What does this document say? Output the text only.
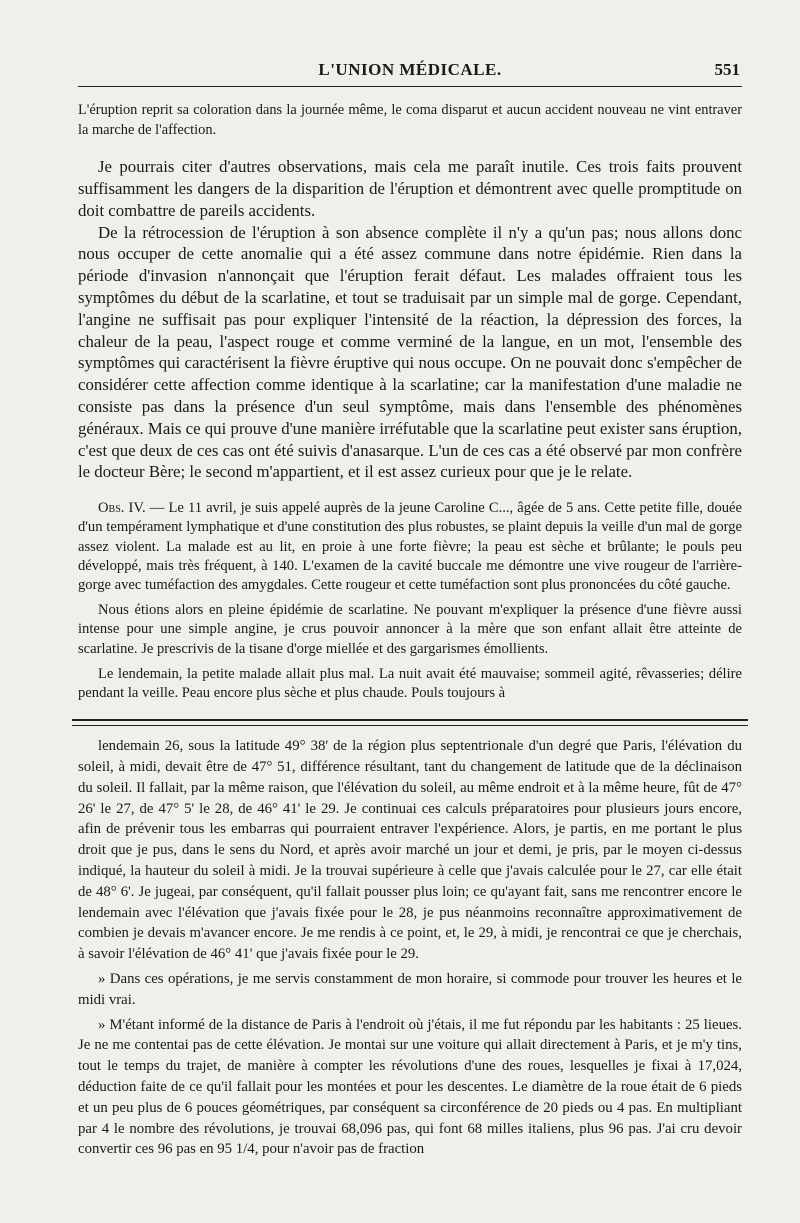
L'UNION MÉDICALE.	551

L'éruption reprit sa coloration dans la journée même, le coma disparut et aucun accident nouveau ne vint entraver la marche de l'affection.

Je pourrais citer d'autres observations, mais cela me paraît inutile. Ces trois faits prouvent suffisamment les dangers de la disparition de l'éruption et démontrent avec quelle promptitude on doit combattre de pareils accidents.

De la rétrocession de l'éruption à son absence complète il n'y a qu'un pas; nous allons donc nous occuper de cette anomalie qui a été assez commune dans notre épidémie. Rien dans la période d'invasion n'annonçait que l'éruption ferait défaut. Les malades offraient tous les symptômes du début de la scarlatine, et tout se traduisait par un simple mal de gorge. Cependant, l'angine ne suffisait pas pour expliquer l'intensité de la réaction, la dépression des forces, la chaleur de la peau, l'aspect rouge et comme verminé de la langue, en un mot, l'ensemble des symptômes qui caractérisent la fièvre éruptive qui nous occupe. On ne pouvait donc s'empêcher de considérer cette affection comme identique à la scarlatine; car la manifestation d'une maladie ne consiste pas dans la présence d'un seul symptôme, mais dans l'ensemble des phénomènes généraux. Mais ce qui prouve d'une manière irréfutable que la scarlatine peut exister sans éruption, c'est que deux de ces cas ont été suivis d'anasarque. L'un de ces cas a été observé par mon confrère le docteur Bère; le second m'appartient, et il est assez curieux pour que je le relate.

Obs. IV. — Le 11 avril, je suis appelé auprès de la jeune Caroline C..., âgée de 5 ans. Cette petite fille, douée d'un tempérament lymphatique et d'une constitution des plus robustes, se plaint depuis la veille d'un mal de gorge assez violent. La malade est au lit, en proie à une forte fièvre; la peau est sèche et brûlante; le pouls peu développé, mais très fréquent, à 140. L'examen de la cavité buccale me démontre une vive rougeur de l'arrière-gorge avec tuméfaction des amygdales. Cette rougeur et cette tuméfaction sont plus prononcées du côté gauche.

Nous étions alors en pleine épidémie de scarlatine. Ne pouvant m'expliquer la présence d'une fièvre aussi intense pour une simple angine, je crus pouvoir annoncer à la mère que son enfant allait être atteinte de scarlatine. Je prescrivis de la tisane d'orge miellée et des gargarismes émollients.

Le lendemain, la petite malade allait plus mal. La nuit avait été mauvaise; sommeil agité, rêvasseries; délire pendant la veille. Peau encore plus sèche et plus chaude. Pouls toujours à

lendemain 26, sous la latitude 49° 38' de la région plus septentrionale d'un degré que Paris, l'élévation du soleil, à midi, devait être de 47° 51, différence résultant, tant du changement de latitude que de la déclinaison du soleil. Il fallait, par la même raison, que l'élévation du soleil, au même endroit et à la même heure, fût de 47° 26' le 27, de 47° 5' le 28, de 46° 41' le 29. Je continuai ces calculs préparatoires pour plusieurs jours encore, afin de prévenir tous les embarras qui pourraient entraver l'expérience. Alors, je partis, en me portant le plus droit que je pus, dans le sens du Nord, et après avoir marché un jour et demi, je pris, par le moyen ci-dessus indiqué, la hauteur du soleil à midi. Je la trouvai supérieure à celle que j'avais calculée pour le 27, car elle était de 48° 6'. Je jugeai, par conséquent, qu'il fallait pousser plus loin; ce qu'ayant fait, sans me rencontrer encore le lendemain avec l'élévation que j'avais fixée pour le 28, je pus néanmoins reconnaître approximativement de combien je devais m'avancer encore. Je me rendis à ce point, et, le 29, à midi, je rencontrai ce que je cherchais, à savoir l'élévation de 46° 41' que j'avais fixée pour le 29.

» Dans ces opérations, je me servis constamment de mon horaire, si commode pour trouver les heures et le midi vrai.

» M'étant informé de la distance de Paris à l'endroit où j'étais, il me fut répondu par les habitants : 25 lieues. Je ne me contentai pas de cette élévation. Je montai sur une voiture qui allait directement à Paris, et je m'y tins, tout le temps du trajet, de manière à compter les révolutions d'une des roues, lesquelles je fixai à 17,024, déduction faite de ce qu'il fallait pour les montées et pour les descentes. Le diamètre de la roue était de 6 pieds et un peu plus de 6 pouces géométriques, par conséquent sa circonférence de 20 pieds ou 4 pas. En multipliant par 4 le nombre des révolutions, je trouvai 68,096 pas, qui font 68 milles italiens, plus 96 pas. J'ai cru devoir convertir ces 96 pas en 95 1/4, pour n'avoir pas de fraction
